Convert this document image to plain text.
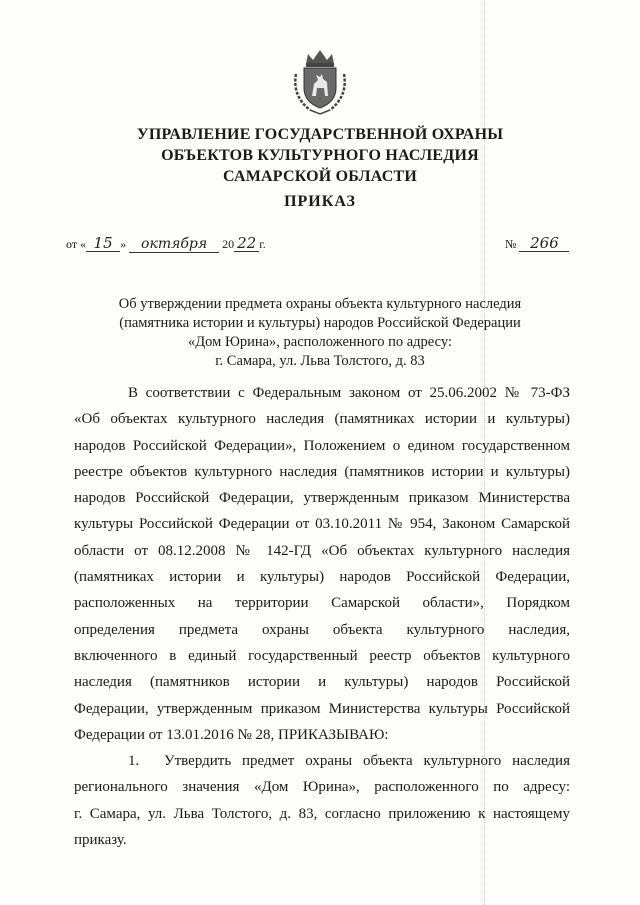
УПРАВЛЕНИЕ ГОСУДАРСТВЕННОЙ ОХРАНЫ
ОБЪЕКТОВ КУЛЬТУРНОГО НАСЛЕДИЯ
САМАРСКОЙ ОБЛАСТИ
ПРИКАЗ
от « 15 » октября 20 22 г.	№ 266
Об утверждении предмета охраны объекта культурного наследия
(памятника истории и культуры) народов Российской Федерации
«Дом Юрина», расположенного по адресу:
г. Самара, ул. Льва Толстого, д. 83
В соответствии с Федеральным законом от 25.06.2002 № 73-ФЗ
«Об объектах культурного наследия (памятниках истории и культуры)
народов Российской Федерации», Положением о едином государственном
реестре объектов культурного наследия (памятников истории и культуры)
народов Российской Федерации, утвержденным приказом Министерства
культуры Российской Федерации от 03.10.2011 № 954, Законом Самарской
области от 08.12.2008 № 142-ГД «Об объектах культурного наследия
(памятниках истории и культуры) народов Российской Федерации,
расположенных на территории Самарской области», Порядком
определения предмета охраны объекта культурного наследия,
включенного в единый государственный реестр объектов культурного
наследия (памятников истории и культуры) народов Российской
Федерации, утвержденным приказом Министерства культуры Российской
Федерации от 13.01.2016 № 28, ПРИКАЗЫВАЮ:
1. Утвердить предмет охраны объекта культурного наследия
регионального значения «Дом Юрина», расположенного по адресу:
г. Самара, ул. Льва Толстого, д. 83, согласно приложению к настоящему
приказу.
